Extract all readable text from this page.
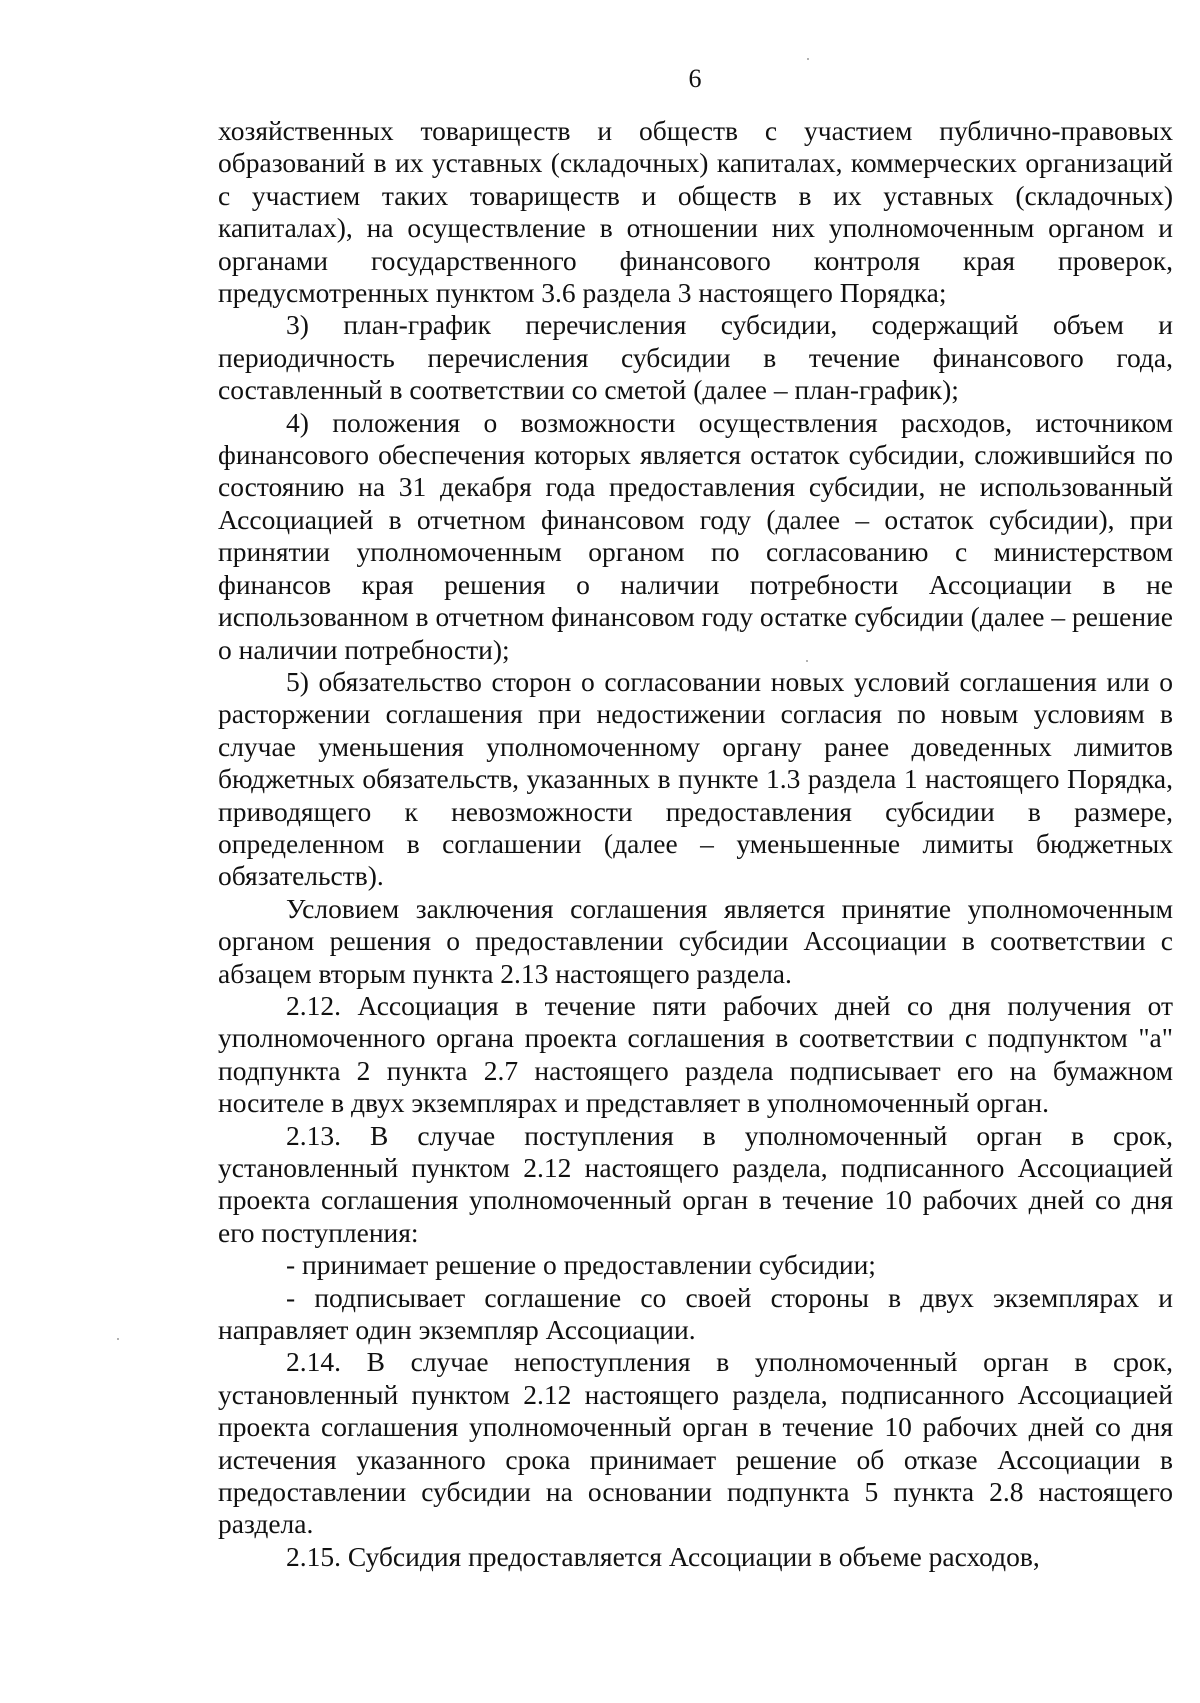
6

хозяйственных товариществ и обществ с участием публично-правовых образований в их уставных (складочных) капиталах, коммерческих организаций с участием таких товариществ и обществ в их уставных (складочных) капиталах), на осуществление в отношении них уполномоченным органом и органами государственного финансового контроля края проверок, предусмотренных пунктом 3.6 раздела 3 настоящего Порядка;

3) план-график перечисления субсидии, содержащий объем и периодичность перечисления субсидии в течение финансового года, составленный в соответствии со сметой (далее – план-график);

4) положения о возможности осуществления расходов, источником финансового обеспечения которых является остаток субсидии, сложившийся по состоянию на 31 декабря года предоставления субсидии, не использованный Ассоциацией в отчетном финансовом году (далее – остаток субсидии), при принятии уполномоченным органом по согласованию с министерством финансов края решения о наличии потребности Ассоциации в не использованном в отчетном финансовом году остатке субсидии (далее – решение о наличии потребности);

5) обязательство сторон о согласовании новых условий соглашения или о расторжении соглашения при недостижении согласия по новым условиям в случае уменьшения уполномоченному органу ранее доведенных лимитов бюджетных обязательств, указанных в пункте 1.3 раздела 1 настоящего Порядка, приводящего к невозможности предоставления субсидии в размере, определенном в соглашении (далее – уменьшенные лимиты бюджетных обязательств).

Условием заключения соглашения является принятие уполномоченным органом решения о предоставлении субсидии Ассоциации в соответствии с абзацем вторым пункта 2.13 настоящего раздела.

2.12. Ассоциация в течение пяти рабочих дней со дня получения от уполномоченного органа проекта соглашения в соответствии с подпунктом "а" подпункта 2 пункта 2.7 настоящего раздела подписывает его на бумажном носителе в двух экземплярах и представляет в уполномоченный орган.

2.13. В случае поступления в уполномоченный орган в срок, установленный пунктом 2.12 настоящего раздела, подписанного Ассоциацией проекта соглашения уполномоченный орган в течение 10 рабочих дней со дня его поступления:

- принимает решение о предоставлении субсидии;

- подписывает соглашение со своей стороны в двух экземплярах и направляет один экземпляр Ассоциации.

2.14. В случае непоступления в уполномоченный орган в срок, установленный пунктом 2.12 настоящего раздела, подписанного Ассоциацией проекта соглашения уполномоченный орган в течение 10 рабочих дней со дня истечения указанного срока принимает решение об отказе Ассоциации в предоставлении субсидии на основании подпункта 5 пункта 2.8 настоящего раздела.

2.15. Субсидия предоставляется Ассоциации в объеме расходов,
